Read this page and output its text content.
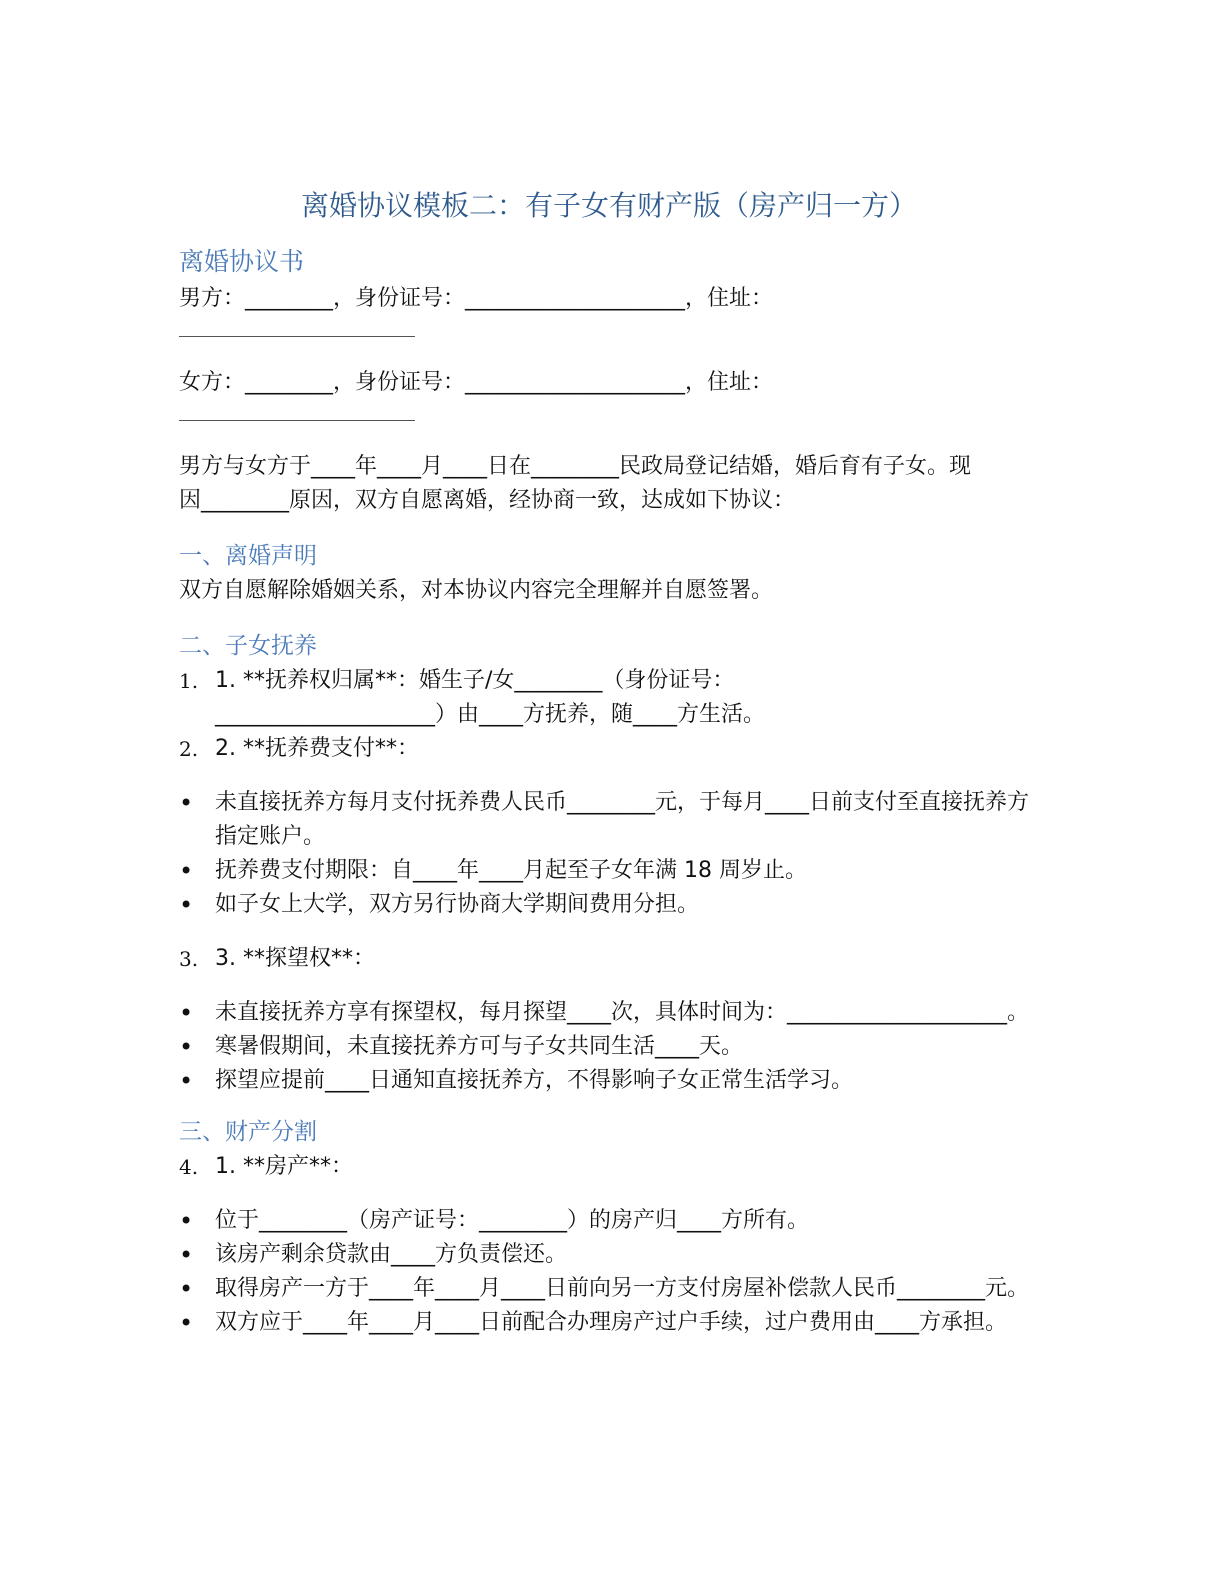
离婚协议模板二：有子女有财产版（房产归一方）
离婚协议书

男方：________，身份证号：____________________，住址：

女方：________，身份证号：____________________，住址：

男方与女方于____年____月____日在________民政局登记结婚，婚后育有子女。现

因________原因，双方自愿离婚，经协商一致，达成如下协议：

一、离婚声明

双方自愿解除婚姻关系，对本协议内容完全理解并自愿签署。

二、子女抚养
1. 1. **抚养权归属**：婚生子/女________（身份证号：
____________________）由____方抚养，随____方生活。
2. 2. **抚养费支付**：
• 未直接抚养方每月支付抚养费人民币________元，于每月____日前支付至直接抚养方指定账户。
• 抚养费支付期限：自____年____月起至子女年满 18 周岁止。
• 如子女上大学，双方另行协商大学期间费用分担。
3. 3. **探望权**：
• 未直接抚养方享有探望权，每月探望____次，具体时间为：____________________。
• 寒暑假期间，未直接抚养方可与子女共同生活____天。
• 探望应提前____日通知直接抚养方，不得影响子女正常生活学习。
三、财产分割
4. 1. **房产**：
• 位于________（房产证号：________）的房产归____方所有。
• 该房产剩余贷款由____方负责偿还。
• 取得房产一方于____年____月____日前向另一方支付房屋补偿款人民币________元。
• 双方应于____年____月____日前配合办理房产过户手续，过户费用由____方承担。
